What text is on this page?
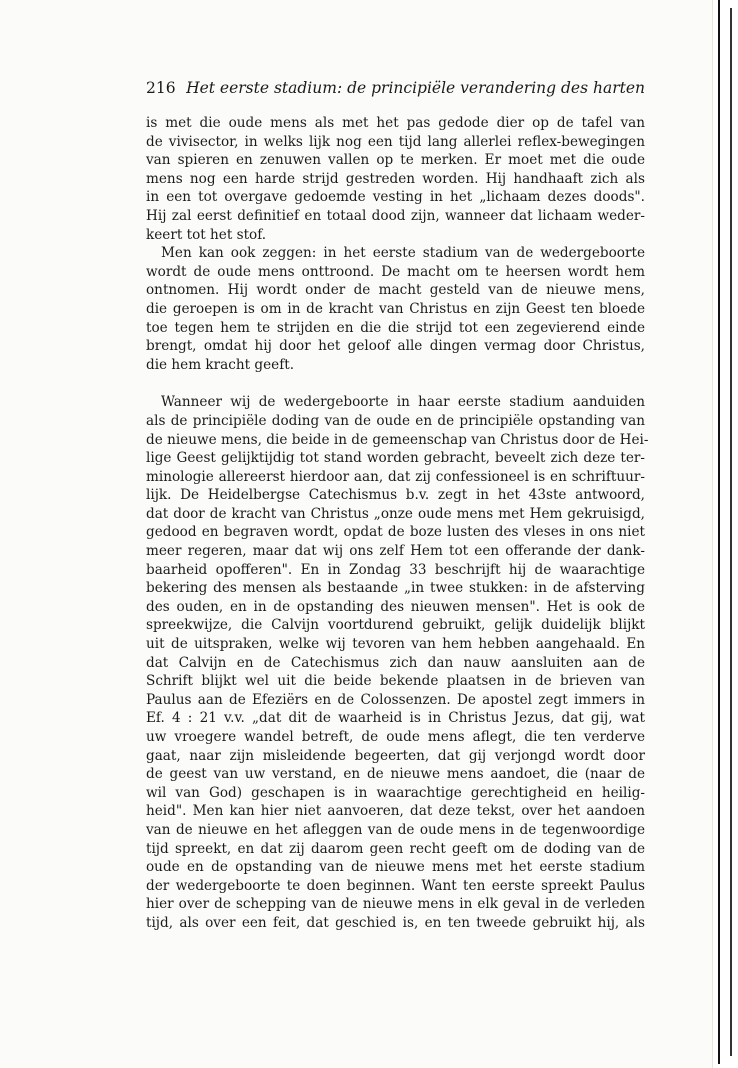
216 Het eerste stadium: de principiële verandering des harten
is met die oude mens als met het pas gedode dier op de tafel van
de vivisector, in welks lijk nog een tijd lang allerlei reflex-bewegingen
van spieren en zenuwen vallen op te merken. Er moet met die oude
mens nog een harde strijd gestreden worden. Hij handhaaft zich als
in een tot overgave gedoemde vesting in het „lichaam dezes doods".
Hij zal eerst definitief en totaal dood zijn, wanneer dat lichaam weder-
keert tot het stof.
Men kan ook zeggen: in het eerste stadium van de wedergeboorte
wordt de oude mens onttroond. De macht om te heersen wordt hem
ontnomen. Hij wordt onder de macht gesteld van de nieuwe mens,
die geroepen is om in de kracht van Christus en zijn Geest ten bloede
toe tegen hem te strijden en die die strijd tot een zegevierend einde
brengt, omdat hij door het geloof alle dingen vermag door Christus,
die hem kracht geeft.
Wanneer wij de wedergeboorte in haar eerste stadium aanduiden
als de principiële doding van de oude en de principiële opstanding van
de nieuwe mens, die beide in de gemeenschap van Christus door de Hei-
lige Geest gelijktijdig tot stand worden gebracht, beveelt zich deze ter-
minologie allereerst hierdoor aan, dat zij confessioneel is en schriftuur-
lijk. De Heidelbergse Catechismus b.v. zegt in het 43ste antwoord,
dat door de kracht van Christus „onze oude mens met Hem gekruisigd,
gedood en begraven wordt, opdat de boze lusten des vleses in ons niet
meer regeren, maar dat wij ons zelf Hem tot een offerande der dank-
baarheid opofferen". En in Zondag 33 beschrijft hij de waarachtige
bekering des mensen als bestaande „in twee stukken: in de afsterving
des ouden, en in de opstanding des nieuwen mensen". Het is ook de
spreekwijze, die Calvijn voortdurend gebruikt, gelijk duidelijk blijkt
uit de uitspraken, welke wij tevoren van hem hebben aangehaald. En
dat Calvijn en de Catechismus zich dan nauw aansluiten aan de
Schrift blijkt wel uit die beide bekende plaatsen in de brieven van
Paulus aan de Efeziërs en de Colossenzen. De apostel zegt immers in
Ef. 4 : 21 v.v. „dat dit de waarheid is in Christus Jezus, dat gij, wat
uw vroegere wandel betreft, de oude mens aflegt, die ten verderve
gaat, naar zijn misleidende begeerten, dat gij verjongd wordt door
de geest van uw verstand, en de nieuwe mens aandoet, die (naar de
wil van God) geschapen is in waarachtige gerechtigheid en heilig-
heid". Men kan hier niet aanvoeren, dat deze tekst, over het aandoen
van de nieuwe en het afleggen van de oude mens in de tegenwoordige
tijd spreekt, en dat zij daarom geen recht geeft om de doding van de
oude en de opstanding van de nieuwe mens met het eerste stadium
der wedergeboorte te doen beginnen. Want ten eerste spreekt Paulus
hier over de schepping van de nieuwe mens in elk geval in de verleden
tijd, als over een feit, dat geschied is, en ten tweede gebruikt hij, als
